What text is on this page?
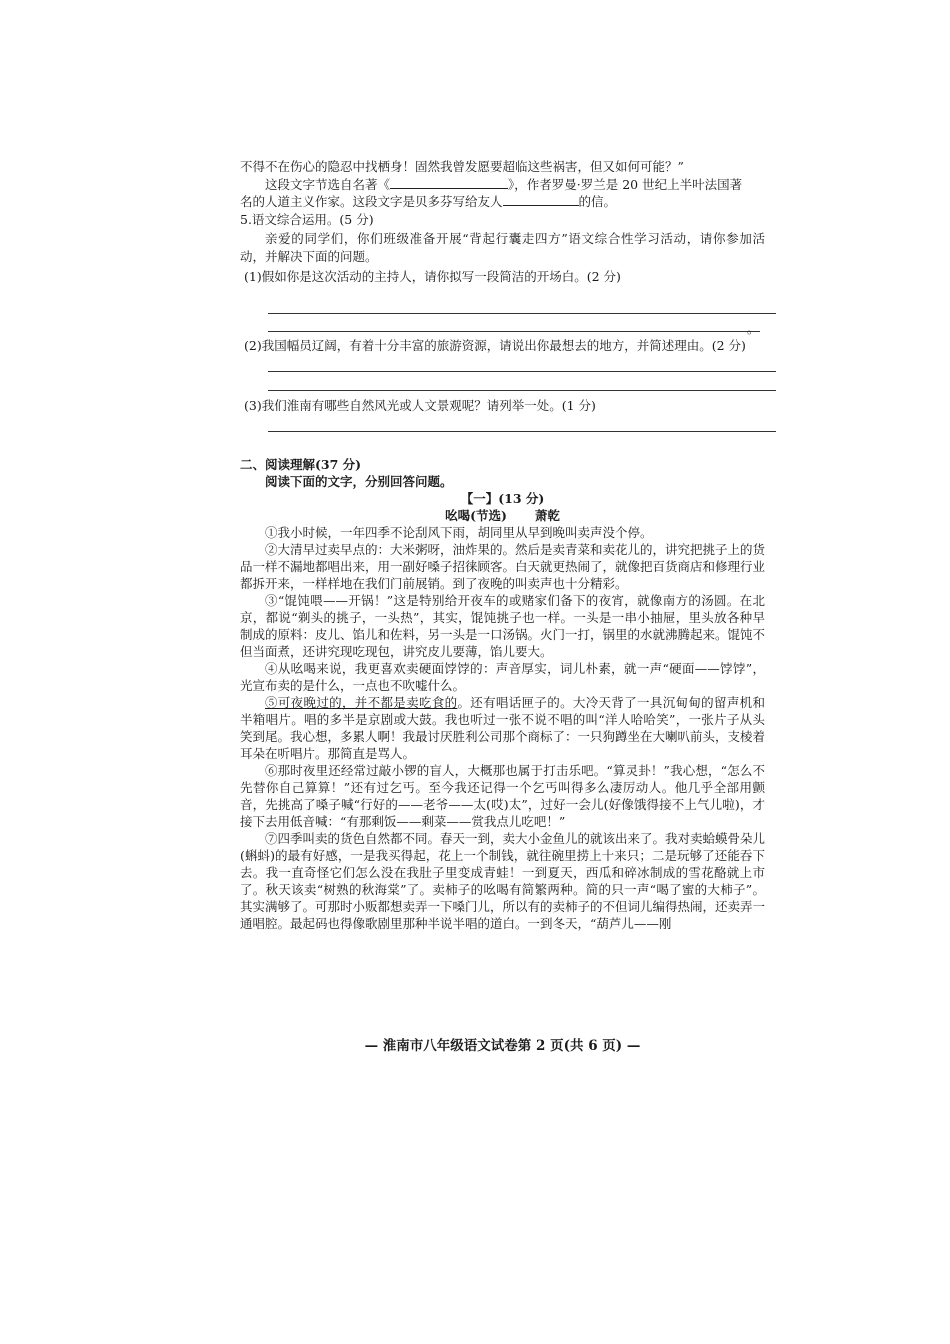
不得不在伤心的隐忍中找栖身！固然我曾发愿要超临这些祸害，但又如何可能？”

这段文字节选自名著《	》，作者罗曼·罗兰是 20 世纪上半叶法国著

名的人道主义作家。这段文字是贝多芬写给友人	的信。

5.语文综合运用。(5 分)

亲爱的同学们，你们班级准备开展“背起行囊走四方”语文综合性学习活动，请你参加活动，并解决下面的问题。

(1)假如你是这次活动的主持人，请你拟写一段简洁的开场白。(2 分)

。

(2)我国幅员辽阔，有着十分丰富的旅游资源，请说出你最想去的地方，并简述理由。(2 分)

(3)我们淮南有哪些自然风光或人文景观呢？请列举一处。(1 分)

二、阅读理解(37 分)

阅读下面的文字，分别回答问题。

【一】(13 分)

吆喝(节选) 萧乾

①我小时候，一年四季不论刮风下雨，胡同里从早到晚叫卖声没个停。

②大清早过卖早点的：大米粥呀，油炸果的。然后是卖青菜和卖花儿的，讲究把挑子上的货品一样不漏地都唱出来，用一副好嗓子招徕顾客。白天就更热闹了，就像把百货商店和修理行业都拆开来，一样样地在我们门前展销。到了夜晚的叫卖声也十分精彩。

③“馄饨喂——开锅！”这是特别给开夜车的或赌家们备下的夜宵，就像南方的汤圆。在北京，都说“剃头的挑子，一头热”，其实，馄饨挑子也一样。一头是一串小抽屉，里头放各种早制成的原料：皮儿、馅儿和佐料，另一头是一口汤锅。火门一打，锅里的水就沸腾起来。馄饨不但当面煮，还讲究现吃现包，讲究皮儿要薄，馅儿要大。

④从吆喝来说，我更喜欢卖硬面饽饽的：声音厚实，词儿朴素，就一声“硬面——饽饽”，光宣布卖的是什么，一点也不吹嘘什么。

⑤可夜晚过的，并不都是卖吃食的。还有唱话匣子的。大冷天背了一具沉甸甸的留声机和半箱唱片。唱的多半是京剧或大鼓。我也听过一张不说不唱的叫“洋人哈哈笑”，一张片子从头笑到尾。我心想，多累人啊！我最讨厌胜利公司那个商标了：一只狗蹲坐在大喇叭前头，支棱着耳朵在听唱片。那简直是骂人。

⑥那时夜里还经常过敲小锣的盲人，大概那也属于打击乐吧。“算灵卦！”我心想，“怎么不先替你自己算算！”还有过乞丐。至今我还记得一个乞丐叫得多么凄厉动人。他几乎全部用颤音，先挑高了嗓子喊“行好的——老爷——太(哎)太”，过好一会儿(好像饿得接不上气儿啦)，才接下去用低音喊：“有那剩饭——剩菜——赏我点儿吃吧！”

⑦四季叫卖的货色自然都不同。春天一到，卖大小金鱼儿的就该出来了。我对卖蛤蟆骨朵儿(蝌蚪)的最有好感，一是我买得起，花上一个制钱，就往碗里捞上十来只；二是玩够了还能吞下去。我一直奇怪它们怎么没在我肚子里变成青蛙！一到夏天，西瓜和碎冰制成的雪花酪就上市了。秋天该卖“树熟的秋海棠”了。卖柿子的吆喝有简繁两种。简的只一声“喝了蜜的大柿子”。其实满够了。可那时小贩都想卖弄一下嗓门儿，所以有的卖柿子的不但词儿编得热闹，还卖弄一通唱腔。最起码也得像歌剧里那种半说半唱的道白。一到冬天，“葫芦儿——刚

— 淮南市八年级语文试卷第 2 页(共 6 页) —
